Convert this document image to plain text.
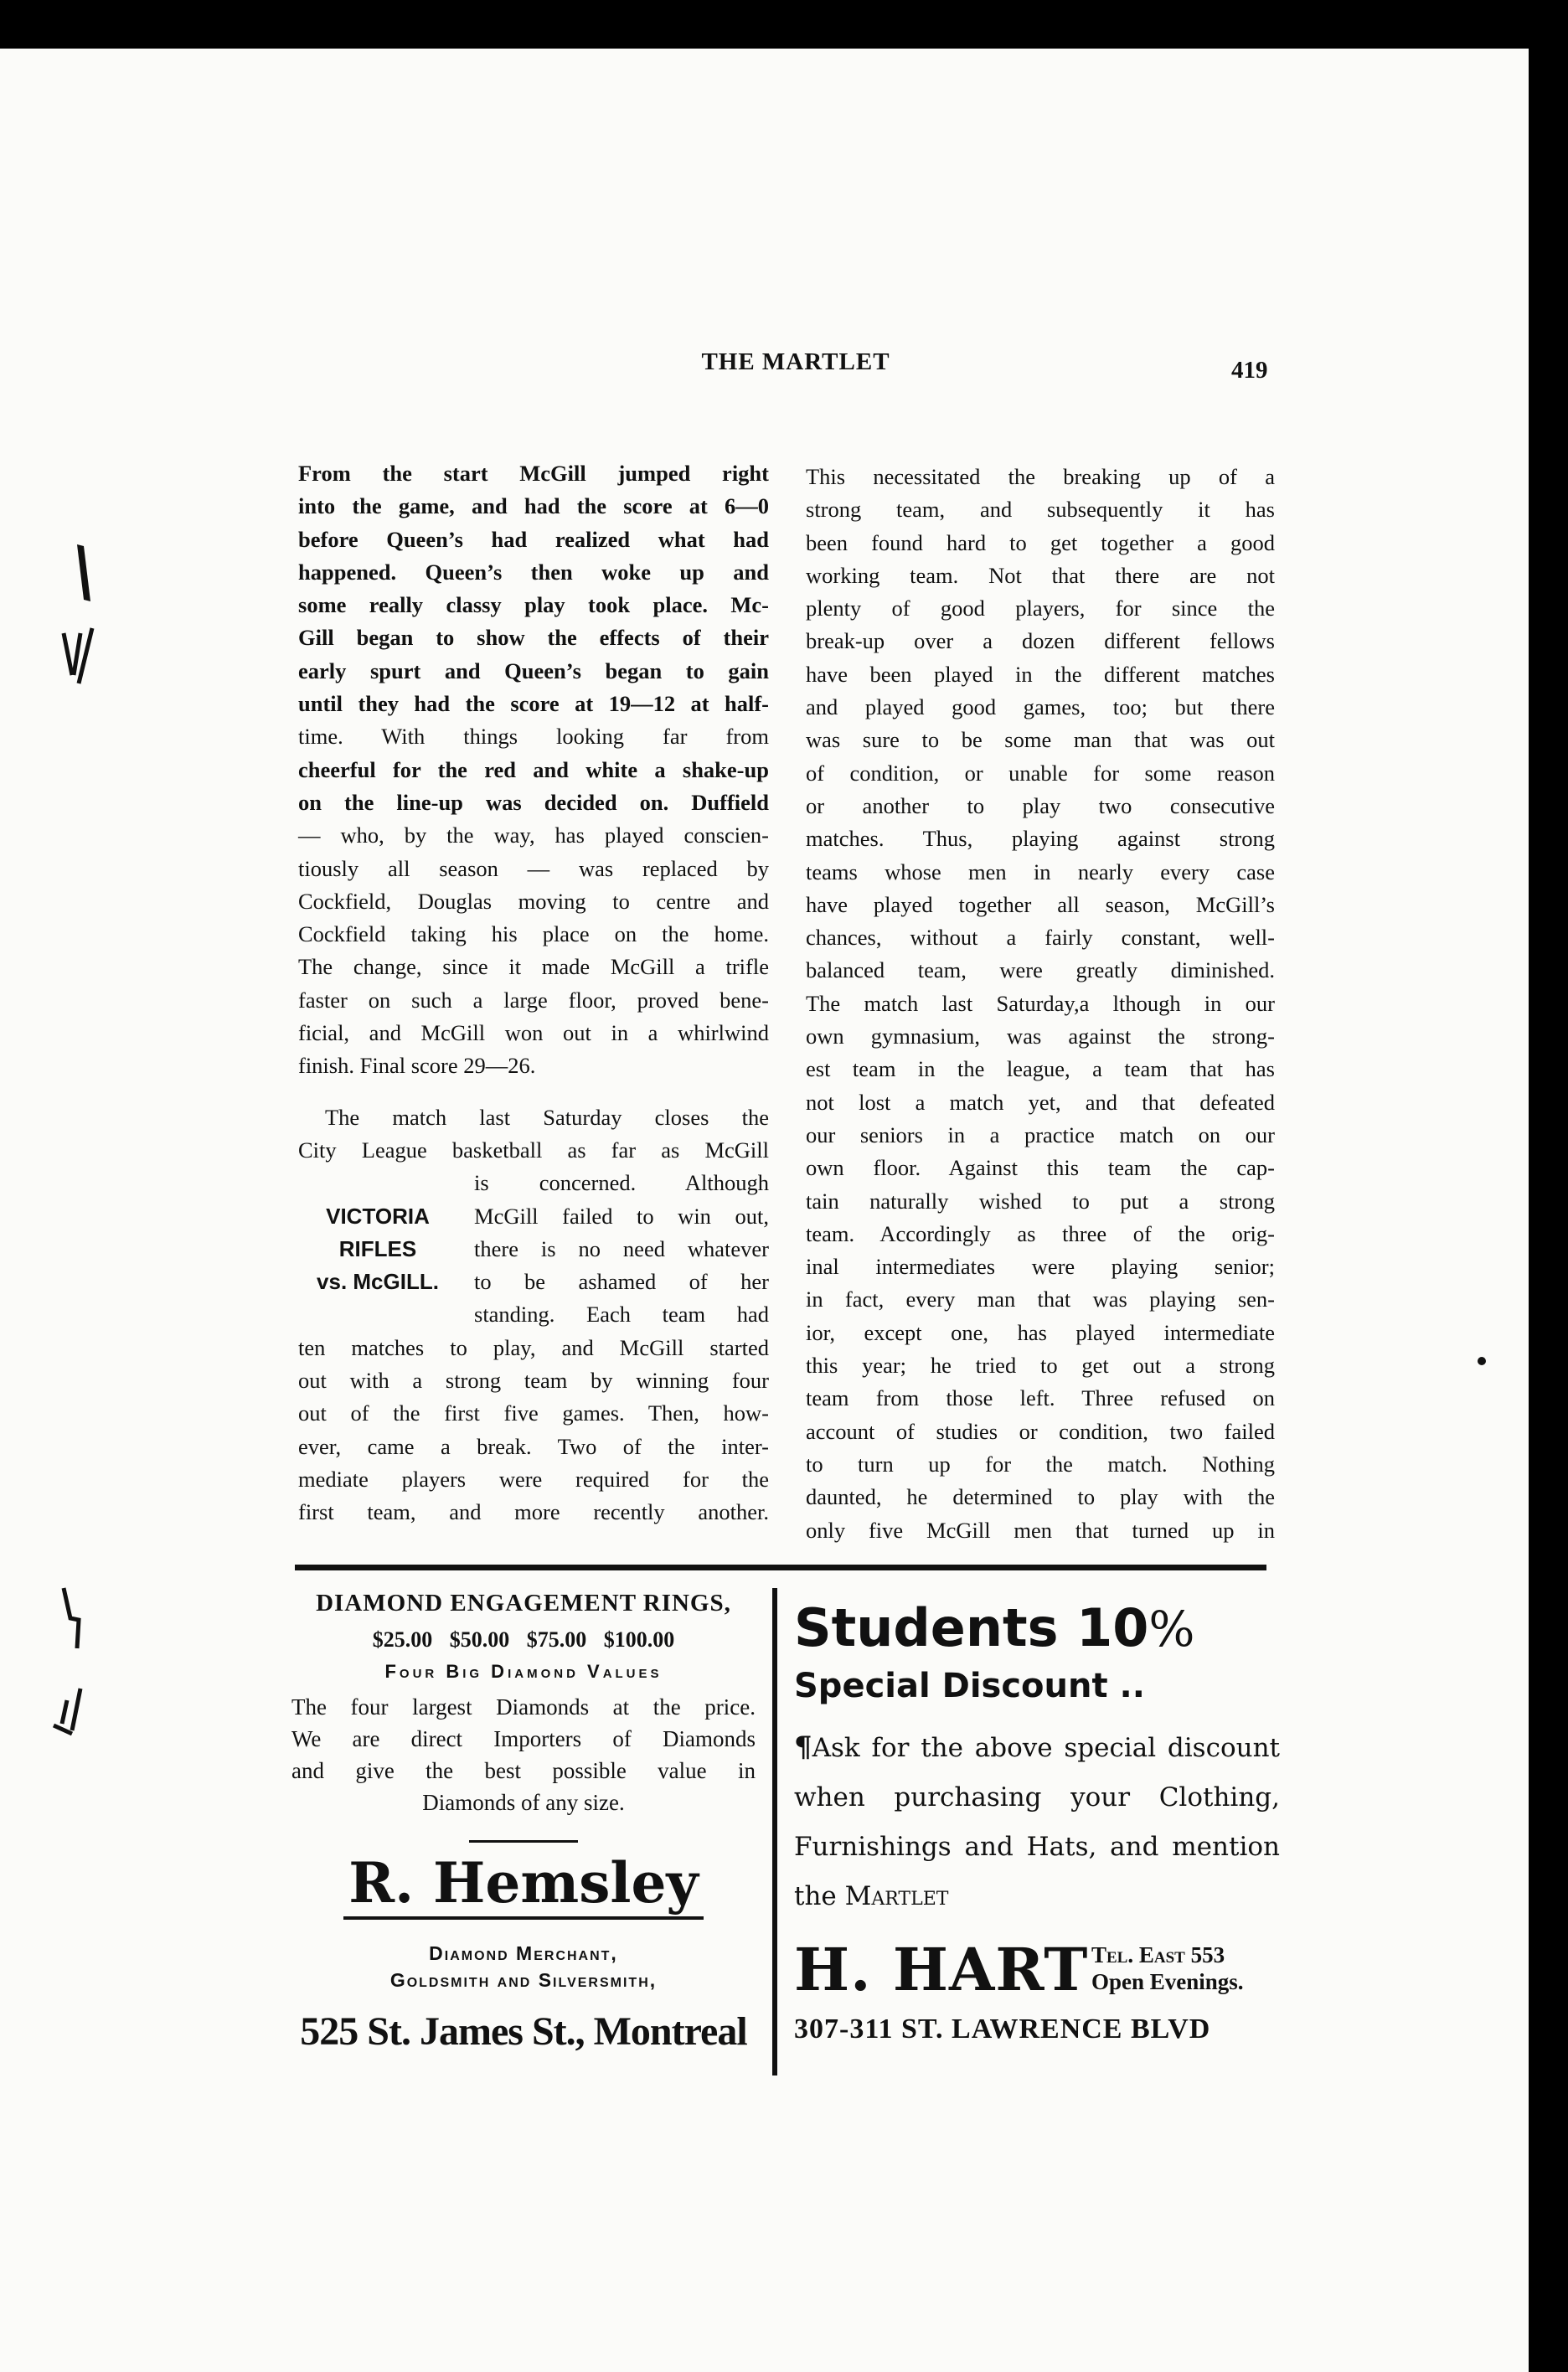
THE MARTLET	419
From the start McGill jumped right
into the game, and had the score at 6—0
before Queen’s had realized what had
happened. Queen’s then woke up and
some really classy play took place. Mc-
Gill began to show the effects of their
early spurt and Queen’s began to gain
until they had the score at 19—12 at half-
time. With things looking far from
cheerful for the red and white a shake-up
on the line-up was decided on. Duffield
— who, by the way, has played conscien-
tiously all season — was replaced by
Cockfield, Douglas moving to centre and
Cockfield taking his place on the home.
The change, since it made McGill a trifle
faster on such a large floor, proved bene-
ficial, and McGill won out in a whirlwind
finish. Final score 29—26.
The match last Saturday closes the
City League basketball as far as McGill
VICTORIA
RIFLES
vs. McGILL.
is concerned. Although
McGill failed to win out,
there is no need whatever
to be ashamed of her
standing. Each team had
ten matches to play, and McGill started
out with a strong team by winning four
out of the first five games. Then, how-
ever, came a break. Two of the inter-
mediate players were required for the
first team, and more recently another.
This necessitated the breaking up of a
strong team, and subsequently it has
been found hard to get together a good
working team. Not that there are not
plenty of good players, for since the
break-up over a dozen different fellows
have been played in the different matches
and played good games, too; but there
was sure to be some man that was out
of condition, or unable for some reason
or another to play two consecutive
matches. Thus, playing against strong
teams whose men in nearly every case
have played together all season, McGill’s
chances, without a fairly constant, well-
balanced team, were greatly diminished.
The match last Saturday,a lthough in our
own gymnasium, was against the strong-
est team in the league, a team that has
not lost a match yet, and that defeated
our seniors in a practice match on our
own floor. Against this team the cap-
tain naturally wished to put a strong
team. Accordingly as three of the orig-
inal intermediates were playing senior;
in fact, every man that was playing sen-
ior, except one, has played intermediate
this year; he tried to get out a strong
team from those left. Three refused on
account of studies or condition, two failed
to turn up for the match. Nothing
daunted, he determined to play with the
only five McGill men that turned up in
DIAMOND ENGAGEMENT RINGS,
$25.00 $50.00 $75.00 $100.00
Four Big Diamond Values
The four largest Diamonds at the price.
We are direct Importers of Diamonds
and give the best possible value in
Diamonds of any size.
R. Hemsley
Diamond Merchant,
Goldsmith and Silversmith,
525 St. James St., Montreal
Students 10%
Special Discount ..
¶Ask for the above special discount
when purchasing your Clothing,
Furnishings and Hats, and mention
the Martlet
H. HART Tel. East 553
Open Evenings.
307-311 ST. LAWRENCE BLVD
